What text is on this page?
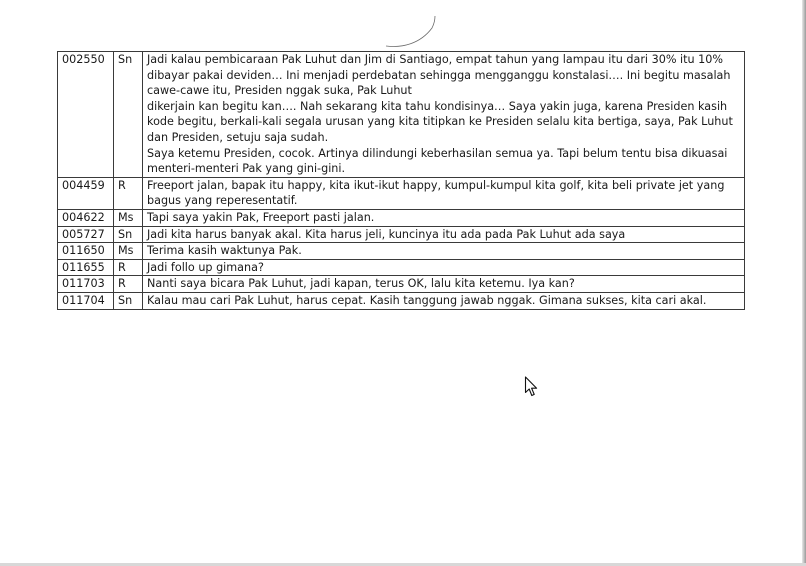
002550	Sn	Jadi kalau pembicaraan Pak Luhut dan Jim di Santiago, empat tahun yang lampau itu dari 30% itu 10% dibayar pakai deviden… Ini menjadi perdebatan sehingga mengganggu konstalasi…. Ini begitu masalah cawe-cawe itu, Presiden nggak suka, Pak Luhut
dikerjain kan begitu kan…. Nah sekarang kita tahu kondisinya… Saya yakin juga, karena Presiden kasih kode begitu, berkali-kali segala urusan yang kita titipkan ke Presiden selalu kita bertiga, saya, Pak Luhut dan Presiden, setuju saja sudah.
Saya ketemu Presiden, cocok. Artinya dilindungi keberhasilan semua ya. Tapi belum tentu bisa dikuasai menteri-menteri Pak yang gini-gini.

004459	R	Freeport jalan, bapak itu happy, kita ikut-ikut happy, kumpul-kumpul kita golf, kita beli private jet yang bagus yang reperesentatif.

004622	Ms	Tapi saya yakin Pak, Freeport pasti jalan.

005727	Sn	Jadi kita harus banyak akal. Kita harus jeli, kuncinya itu ada pada Pak Luhut ada saya

011650	Ms	Terima kasih waktunya Pak.

011655	R	Jadi follo up gimana?

011703	R	Nanti saya bicara Pak Luhut, jadi kapan, terus OK, lalu kita ketemu. Iya kan?

011704	Sn	Kalau mau cari Pak Luhut, harus cepat. Kasih tanggung jawab nggak. Gimana sukses, kita cari akal.
